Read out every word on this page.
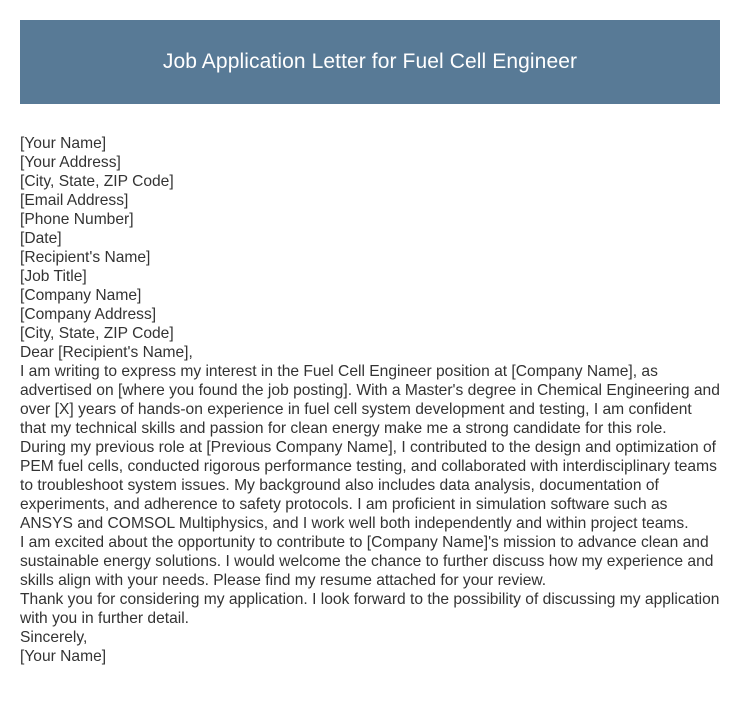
Job Application Letter for Fuel Cell Engineer
[Your Name]
[Your Address]
[City, State, ZIP Code]
[Email Address]
[Phone Number]
[Date]
[Recipient's Name]
[Job Title]
[Company Name]
[Company Address]
[City, State, ZIP Code]
Dear [Recipient's Name],

I am writing to express my interest in the Fuel Cell Engineer position at [Company Name], as advertised on [where you found the job posting]. With a Master's degree in Chemical Engineering and over [X] years of hands-on experience in fuel cell system development and testing, I am confident that my technical skills and passion for clean energy make me a strong candidate for this role.

During my previous role at [Previous Company Name], I contributed to the design and optimization of PEM fuel cells, conducted rigorous performance testing, and collaborated with interdisciplinary teams to troubleshoot system issues. My background also includes data analysis, documentation of experiments, and adherence to safety protocols. I am proficient in simulation software such as ANSYS and COMSOL Multiphysics, and I work well both independently and within project teams.

I am excited about the opportunity to contribute to [Company Name]'s mission to advance clean and sustainable energy solutions. I would welcome the chance to further discuss how my experience and skills align with your needs. Please find my resume attached for your review.

Thank you for considering my application. I look forward to the possibility of discussing my application with you in further detail.

Sincerely,
[Your Name]
